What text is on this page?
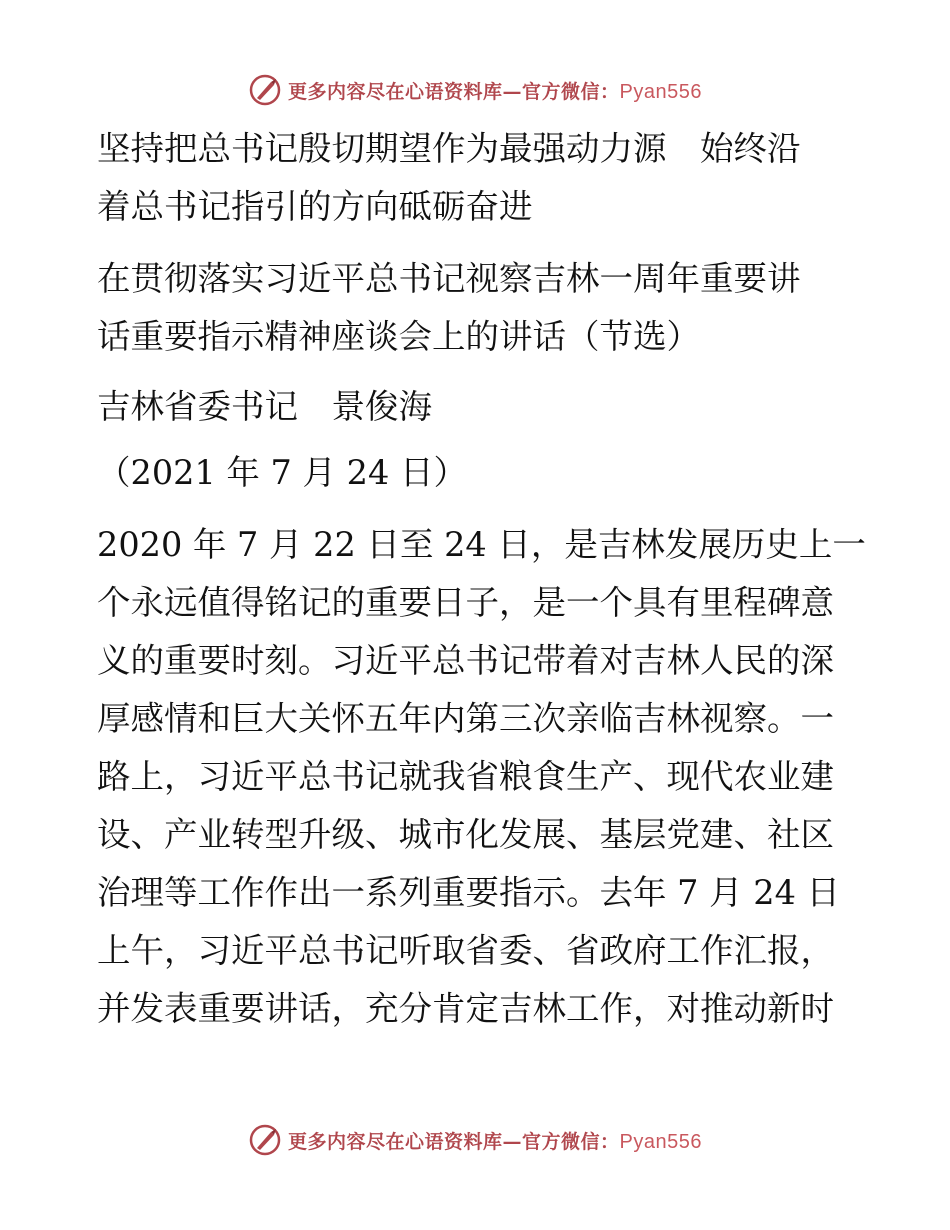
更多内容尽在心语资料库—官方微信：Pyan556

坚持把总书记殷切期望作为最强动力源　始终沿
着总书记指引的方向砥砺奋进

在贯彻落实习近平总书记视察吉林一周年重要讲
话重要指示精神座谈会上的讲话（节选）

吉林省委书记　景俊海

（2021 年 7 月 24 日）

2020 年 7 月 22 日至 24 日，是吉林发展历史上一
个永远值得铭记的重要日子，是一个具有里程碑意
义的重要时刻。习近平总书记带着对吉林人民的深
厚感情和巨大关怀五年内第三次亲临吉林视察。一
路上，习近平总书记就我省粮食生产、现代农业建
设、产业转型升级、城市化发展、基层党建、社区
治理等工作作出一系列重要指示。去年 7 月 24 日
上午，习近平总书记听取省委、省政府工作汇报，
并发表重要讲话，充分肯定吉林工作，对推动新时

更多内容尽在心语资料库—官方微信：Pyan556
